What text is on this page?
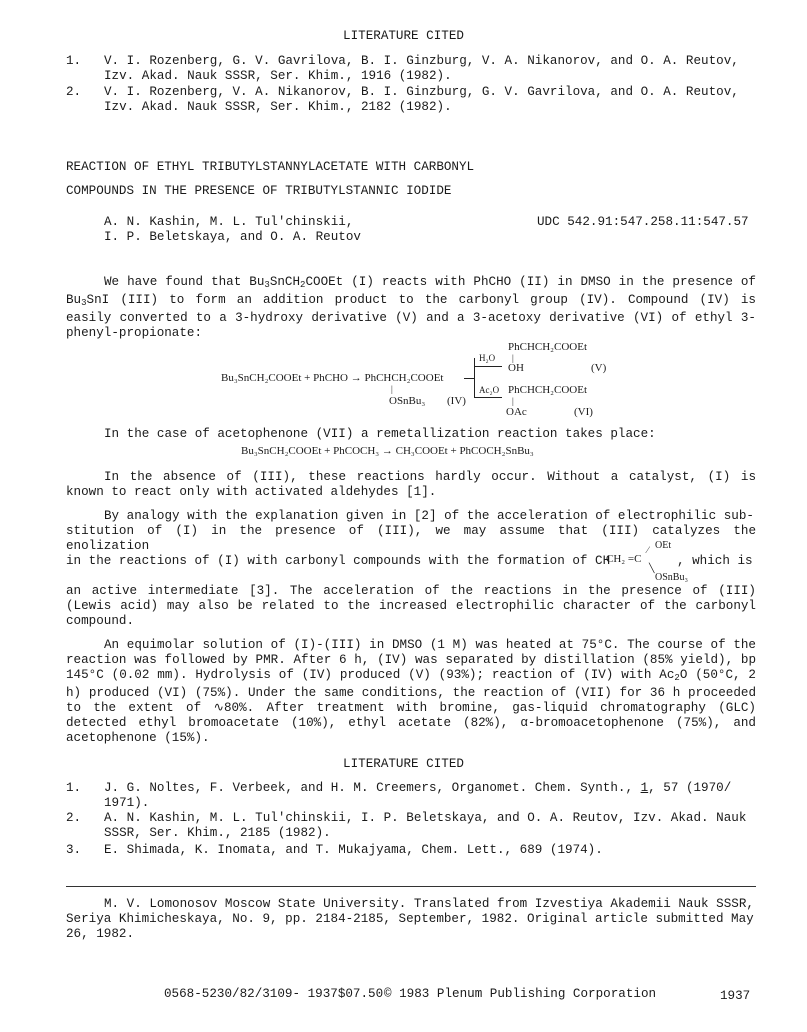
LITERATURE CITED
1. V. I. Rozenberg, G. V. Gavrilova, B. I. Ginzburg, V. A. Nikanorov, and O. A. Reutov,
Izv. Akad. Nauk SSSR, Ser. Khim., 1916 (1982).
2. V. I. Rozenberg, V. A. Nikanorov, B. I. Ginzburg, G. V. Gavrilova, and O. A. Reutov,
Izv. Akad. Nauk SSSR, Ser. Khim., 2182 (1982).
REACTION OF ETHYL TRIBUTYLSTANNYLACETATE WITH CARBONYL
COMPOUNDS IN THE PRESENCE OF TRIBUTYLSTANNIC IODIDE
A. N. Kashin, M. L. Tul'chinskii,
I. P. Beletskaya, and O. A. Reutov
UDC 542.91:547.258.11:547.57
We have found that $Bu_3SnCH_2COOEt$ (I) reacts with PhCHO (II) in DMSO in the presence of $Bu_3SnI$ (III) to form an addition product to the carbonyl group (IV). Compound (IV) is easily converted to a 3-hydroxy derivative (V) and a 3-acetoxy derivative (VI) of ethyl 3-phenyl-propionate:
Bu₃SnCH₂COOEt + PhCHO → PhCHCH₂COOEt
|
OSnBu₃ (IV)
H₂O
Ac₂O
PhCHCH₂COOEt
|
OH	(V)
PhCHCH₂COOEt
|
OAc	(VI)
In the case of acetophenone (VII) a remetallization reaction takes place:
Bu₃SnCH₂COOEt + PhCOCH₃ → CH₃COOEt + PhCOCH₂SnBu₃
In the absence of (III), these reactions hardly occur. Without a catalyst, (I) is known to react only with activated aldehydes [1].
By analogy with the explanation given in [2] of the acceleration of electrophilic sub-
stitution of (I) in the presence of (III), we may assume that (III) catalyzes the enolization
in the reactions of (I) with carbonyl compounds with the formation of CH
CH₂ =C
OEt
⁄
╲
OSnBu₃
, which is
an active intermediate [3]. The acceleration of the reactions in the presence of (III) (Lewis acid) may also be related to the increased electrophilic character of the carbonyl compound.
An equimolar solution of (I)-(III) in DMSO (1 M) was heated at 75°C. The course of the reaction was followed by PMR. After 6 h, (IV) was separated by distillation (85% yield), bp 145°C (0.02 mm). Hydrolysis of (IV) produced (V) (93%); reaction of (IV) with $Ac_2O$ (50°C, 2 h) produced (VI) (75%). Under the same conditions, the reaction of (VII) for 36 h proceeded to the extent of ∿80%. After treatment with bromine, gas-liquid chromatography (GLC) detected ethyl bromoacetate (10%), ethyl acetate (82%), α-bromoacetophenone (75%), and acetophenone (15%).
LITERATURE CITED
1. J. G. Noltes, F. Verbeek, and H. M. Creemers, Organomet. Chem. Synth., 1, 57 (1970/
1971).
2. A. N. Kashin, M. L. Tul'chinskii, I. P. Beletskaya, and O. A. Reutov, Izv. Akad. Nauk
SSSR, Ser. Khim., 2185 (1982).
3. E. Shimada, K. Inomata, and T. Mukajyama, Chem. Lett., 689 (1974).
M. V. Lomonosov Moscow State University. Translated from Izvestiya Akademii Nauk SSSR,
Seriya Khimicheskaya, No. 9, pp. 2184-2185, September, 1982. Original article submitted May
26, 1982.
0568-5230/82/3109- 1937$07.50 © 1983 Plenum Publishing Corporation	1937
